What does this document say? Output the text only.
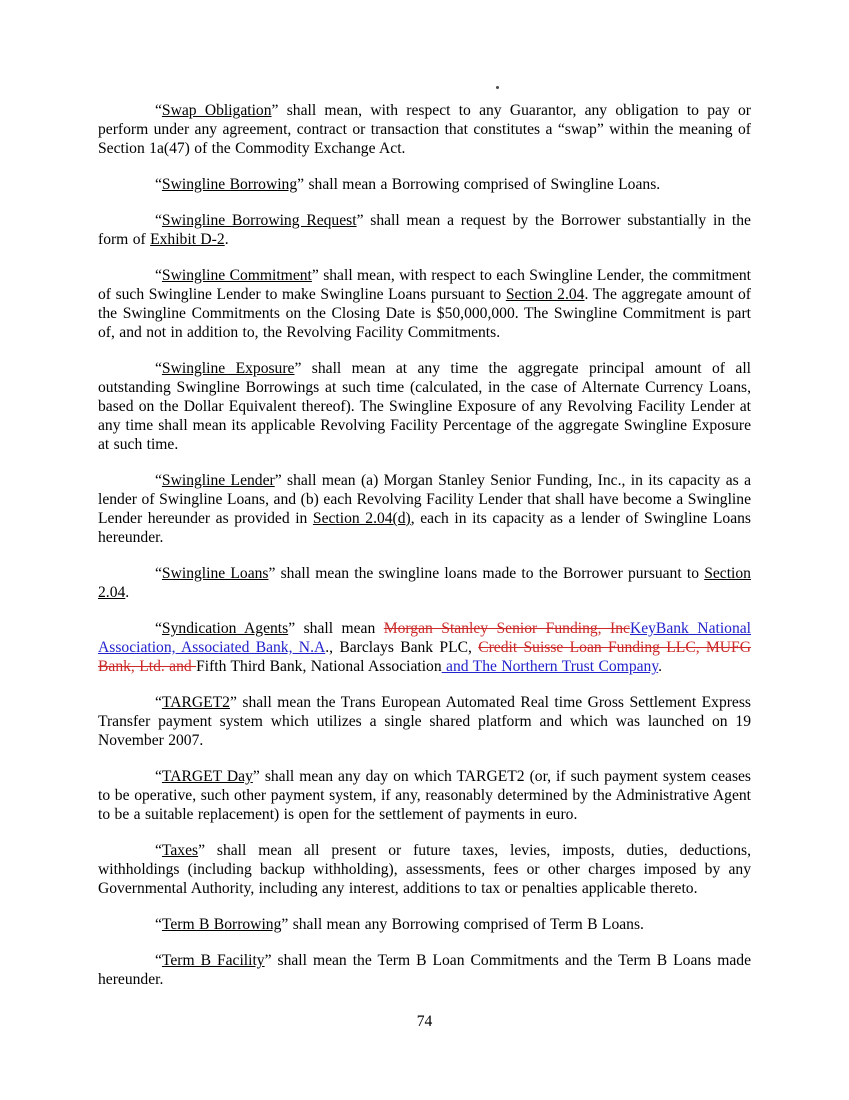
“Swap Obligation” shall mean, with respect to any Guarantor, any obligation to pay or perform under any agreement, contract or transaction that constitutes a “swap” within the meaning of Section 1a(47) of the Commodity Exchange Act.

“Swingline Borrowing” shall mean a Borrowing comprised of Swingline Loans.

“Swingline Borrowing Request” shall mean a request by the Borrower substantially in the form of Exhibit D-2.

“Swingline Commitment” shall mean, with respect to each Swingline Lender, the commitment of such Swingline Lender to make Swingline Loans pursuant to Section 2.04. The aggregate amount of the Swingline Commitments on the Closing Date is $50,000,000. The Swingline Commitment is part of, and not in addition to, the Revolving Facility Commitments.

“Swingline Exposure” shall mean at any time the aggregate principal amount of all outstanding Swingline Borrowings at such time (calculated, in the case of Alternate Currency Loans, based on the Dollar Equivalent thereof). The Swingline Exposure of any Revolving Facility Lender at any time shall mean its applicable Revolving Facility Percentage of the aggregate Swingline Exposure at such time.

“Swingline Lender” shall mean (a) Morgan Stanley Senior Funding, Inc., in its capacity as a lender of Swingline Loans, and (b) each Revolving Facility Lender that shall have become a Swingline Lender hereunder as provided in Section 2.04(d), each in its capacity as a lender of Swingline Loans hereunder.

“Swingline Loans” shall mean the swingline loans made to the Borrower pursuant to Section 2.04.

“Syndication Agents” shall mean Morgan Stanley Senior Funding, IncKeyBank National Association, Associated Bank, N.A., Barclays Bank PLC, Credit Suisse Loan Funding LLC, MUFG Bank, Ltd. and Fifth Third Bank, National Association and The Northern Trust Company.

“TARGET2” shall mean the Trans European Automated Real time Gross Settlement Express Transfer payment system which utilizes a single shared platform and which was launched on 19 November 2007.

“TARGET Day” shall mean any day on which TARGET2 (or, if such payment system ceases to be operative, such other payment system, if any, reasonably determined by the Administrative Agent to be a suitable replacement) is open for the settlement of payments in euro.

“Taxes” shall mean all present or future taxes, levies, imposts, duties, deductions, withholdings (including backup withholding), assessments, fees or other charges imposed by any Governmental Authority, including any interest, additions to tax or penalties applicable thereto.

“Term B Borrowing” shall mean any Borrowing comprised of Term B Loans.

“Term B Facility” shall mean the Term B Loan Commitments and the Term B Loans made hereunder.

74
